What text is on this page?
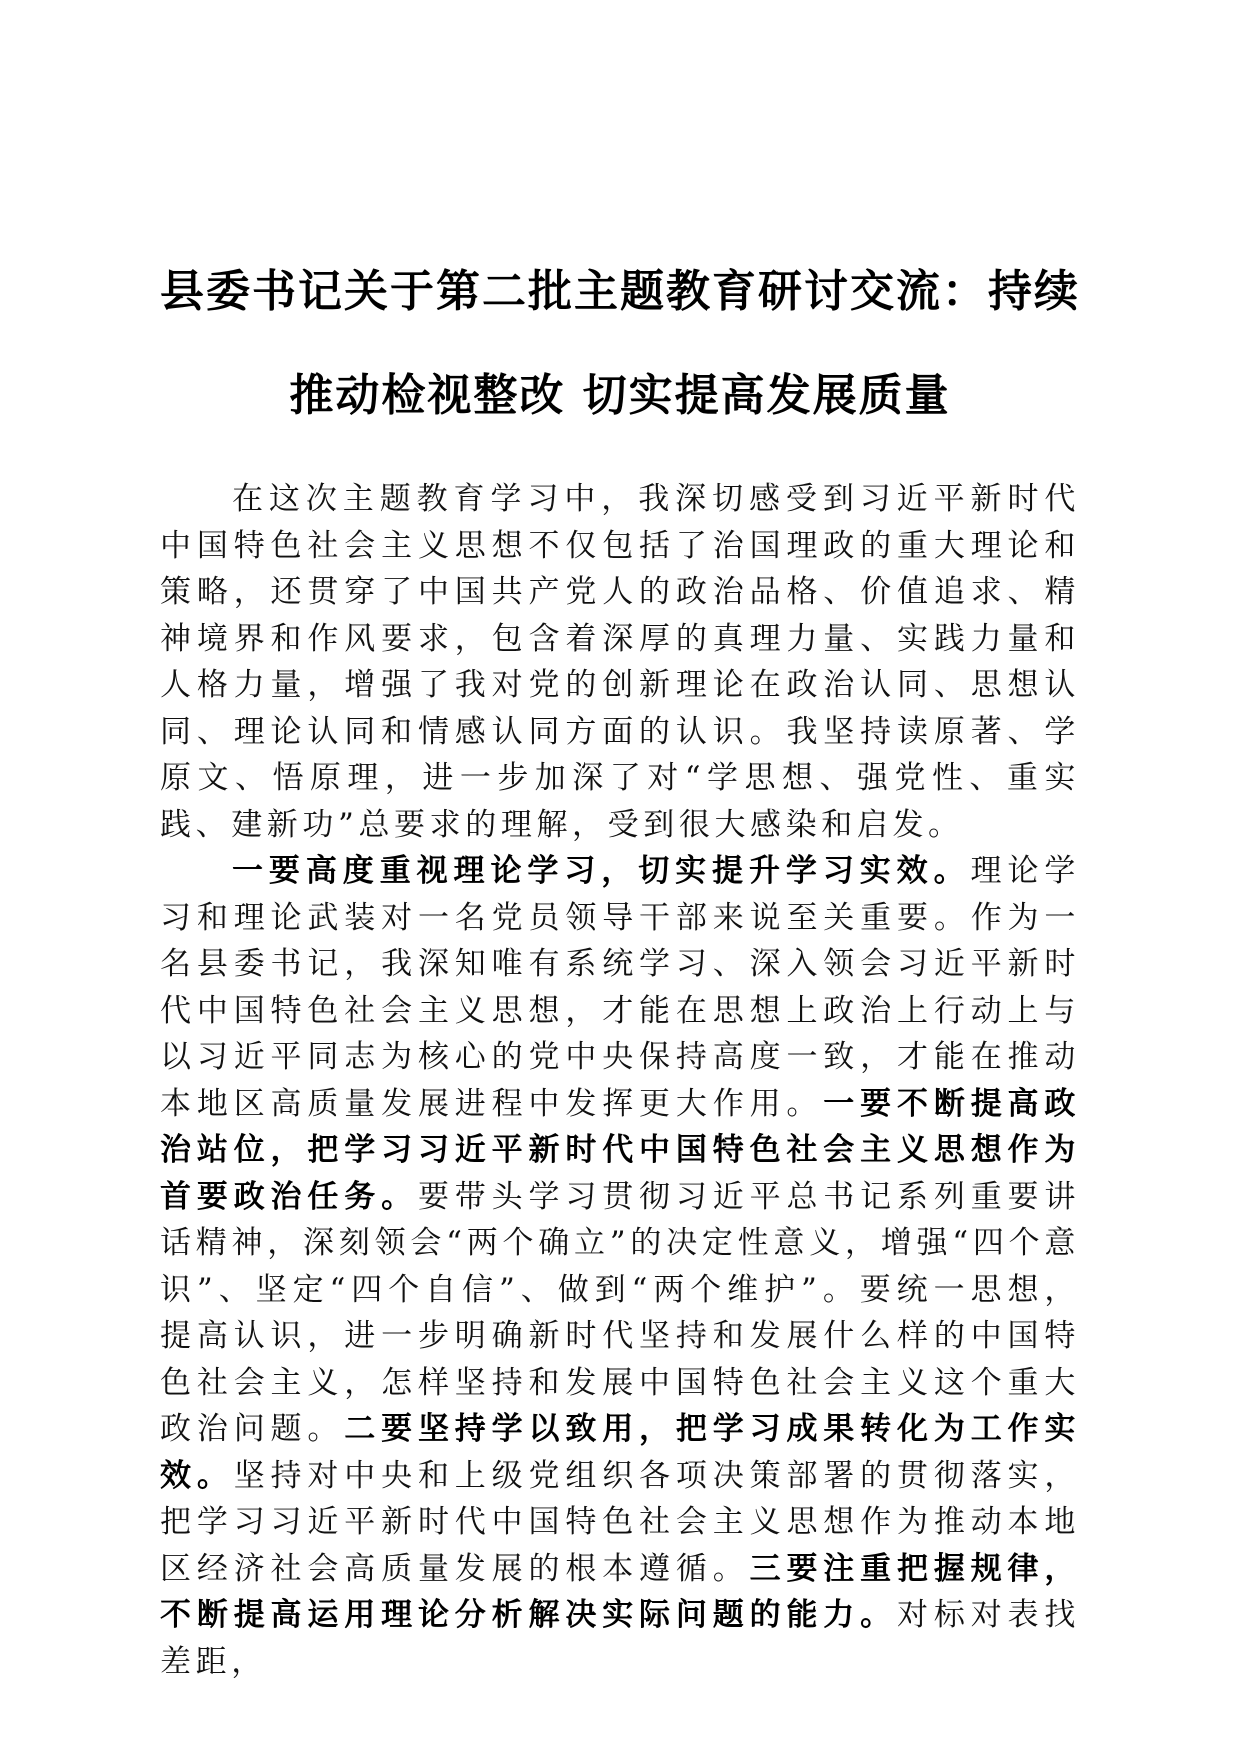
县委书记关于第二批主题教育研讨交流：持续
推动检视整改 切实提高发展质量

在这次主题教育学习中，我深切感受到习近平新时代中国特色社会主义思想不仅包括了治国理政的重大理论和策略，还贯穿了中国共产党人的政治品格、价值追求、精神境界和作风要求，包含着深厚的真理力量、实践力量和人格力量，增强了我对党的创新理论在政治认同、思想认同、理论认同和情感认同方面的认识。我坚持读原著、学原文、悟原理，进一步加深了对“学思想、强党性、重实践、建新功”总要求的理解，受到很大感染和启发。

一要高度重视理论学习，切实提升学习实效。理论学习和理论武装对一名党员领导干部来说至关重要。作为一名县委书记，我深知唯有系统学习、深入领会习近平新时代中国特色社会主义思想，才能在思想上政治上行动上与以习近平同志为核心的党中央保持高度一致，才能在推动本地区高质量发展进程中发挥更大作用。一要不断提高政治站位，把学习习近平新时代中国特色社会主义思想作为首要政治任务。要带头学习贯彻习近平总书记系列重要讲话精神，深刻领会“两个确立”的决定性意义，增强“四个意识”、坚定“四个自信”、做到“两个维护”。要统一思想，提高认识，进一步明确新时代坚持和发展什么样的中国特色社会主义，怎样坚持和发展中国特色社会主义这个重大政治问题。二要坚持学以致用，把学习成果转化为工作实效。坚持对中央和上级党组织各项决策部署的贯彻落实，把学习习近平新时代中国特色社会主义思想作为推动本地区经济社会高质量发展的根本遵循。三要注重把握规律，不断提高运用理论分析解决实际问题的能力。对标对表找差距，
